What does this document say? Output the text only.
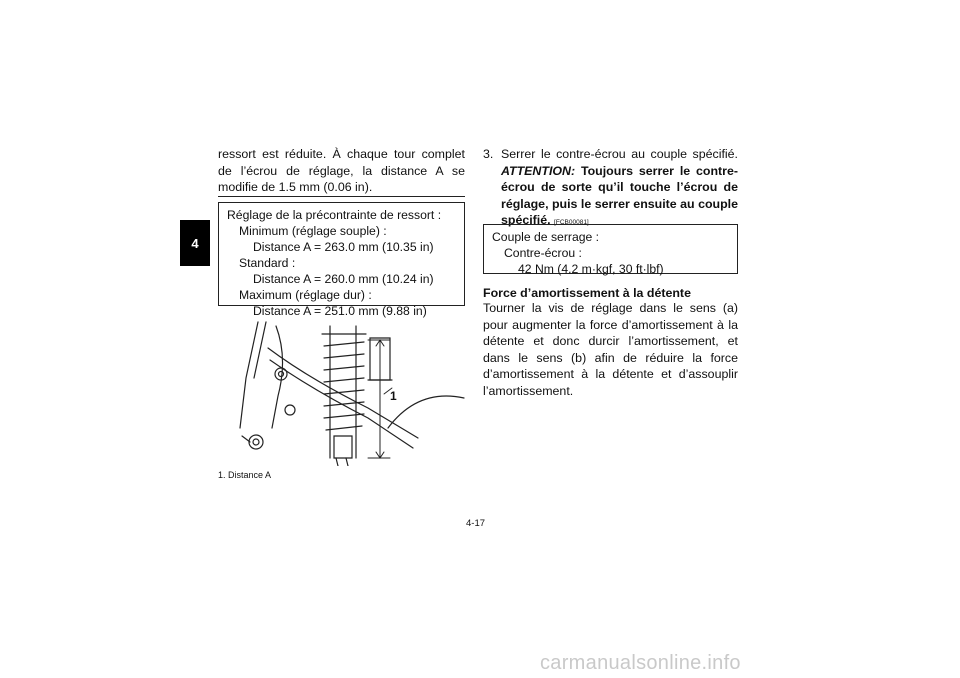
4
ressort est réduite. À chaque tour complet de l’écrou de réglage, la distance A se modifie de 1.5 mm (0.06 in).
Réglage de la précontrainte de ressort :
Minimum (réglage souple) :
Distance A = 263.0 mm (10.35 in)
Standard :
Distance A = 260.0 mm (10.24 in)
Maximum (réglage dur) :
Distance A = 251.0 mm (9.88 in)
1
1. Distance A
3. Serrer le contre-écrou au couple spécifié. ATTENTION: Toujours serrer le contre-écrou de sorte qu’il touche l’écrou de réglage, puis le serrer ensuite au couple spécifié. [FCB00081]
Couple de serrage :
Contre-écrou :
42 Nm (4.2 m·kgf, 30 ft·lbf)
Force d’amortissement à la détente
Tourner la vis de réglage dans le sens (a) pour augmenter la force d’amortissement à la détente et donc durcir l’amortissement, et dans le sens (b) afin de réduire la force d’amortissement à la détente et d’assouplir l’amortissement.
4-17
carmanualsonline.info
